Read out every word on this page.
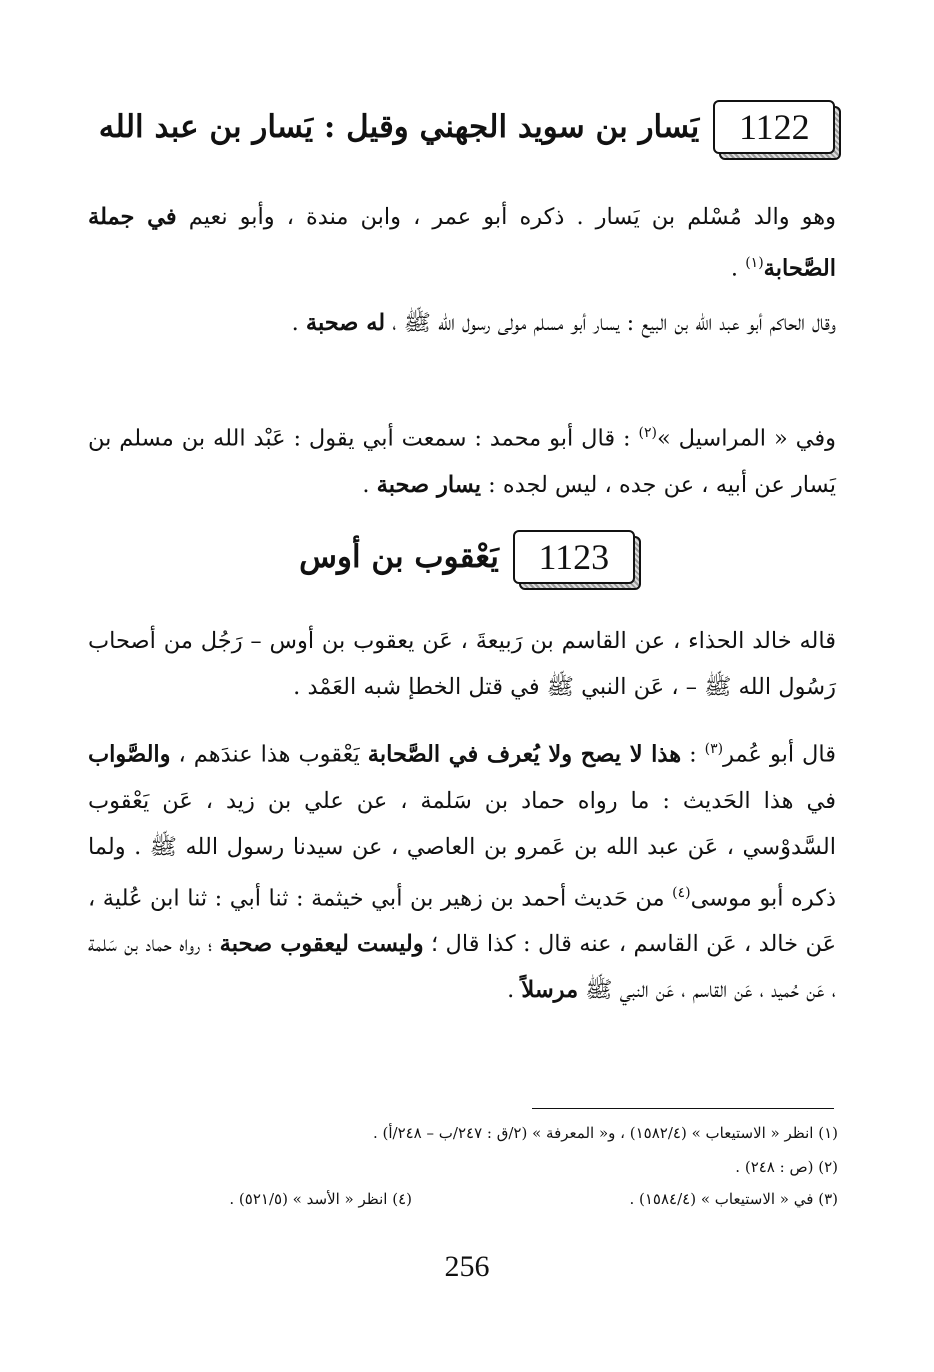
1122
يَسار بن سويد الجهني وقيل : يَسار بن عبد الله
وهو والد مُسْلم بن يَسار . ذكره أبو عمر ، وابن مندة ، وأبو نعيم في جملة الصَّحابة$^{(١)}$ .
وقال الحاكم أبو عبد الله بن البيع : يسار أبو مسلم مولى رسول الله ﷺ ، له صحبة .
وفي « المراسيل »$^{(٢)}$ : قال أبو محمد : سمعت أبي يقول : عَبْد الله بن مسلم بن يَسار عن أبيه ، عن جده ، ليس لجده : يسار صحبة .
1123
يَعْقوب بن أوس
قاله خالد الحذاء ، عن القاسم بن رَبيعةَ ، عَن يعقوب بن أوس – رَجُل من أصحاب رَسُول الله ﷺ – ، عَن النبي ﷺ في قتل الخطإ شبه العَمْد .
قال أبو عُمر$^{(٣)}$ : هذا لا يصح ولا يُعرف في الصَّحابة يَعْقوب هذا عندَهم ، والصَّواب في هذا الحَديث : ما رواه حماد بن سَلمة ، عن علي بن زيد ، عَن يَعْقوب السَّدوْسي ، عَن عبد الله بن عَمرو بن العاصي ، عن سيدنا رسول الله ﷺ . ولما ذكره أبو موسى$^{(٤)}$ من حَديث أحمد بن زهير بن أبي خيثمة : ثنا أبي : ثنا ابن عُلية ، عَن خالد ، عَن القاسم ، عنه قال : كذا قال ؛ وليست ليعقوب صحبة ؛ رواه حماد بن سَلمة ، عَن حُميد ، عَن القاسم ، عَن النبي ﷺ مرسلاً .
(١) انظر « الاستيعاب » (١٥٨٢/٤) ، و« المعرفة » (٢/ق : ٢٤٧/ب – ٢٤٨/أ) .
(٢) (ص : ٢٤٨) .
(٣) في « الاستيعاب » (١٥٨٤/٤) .
(٤) انظر « الأسد » (٥٢١/٥) .
256
